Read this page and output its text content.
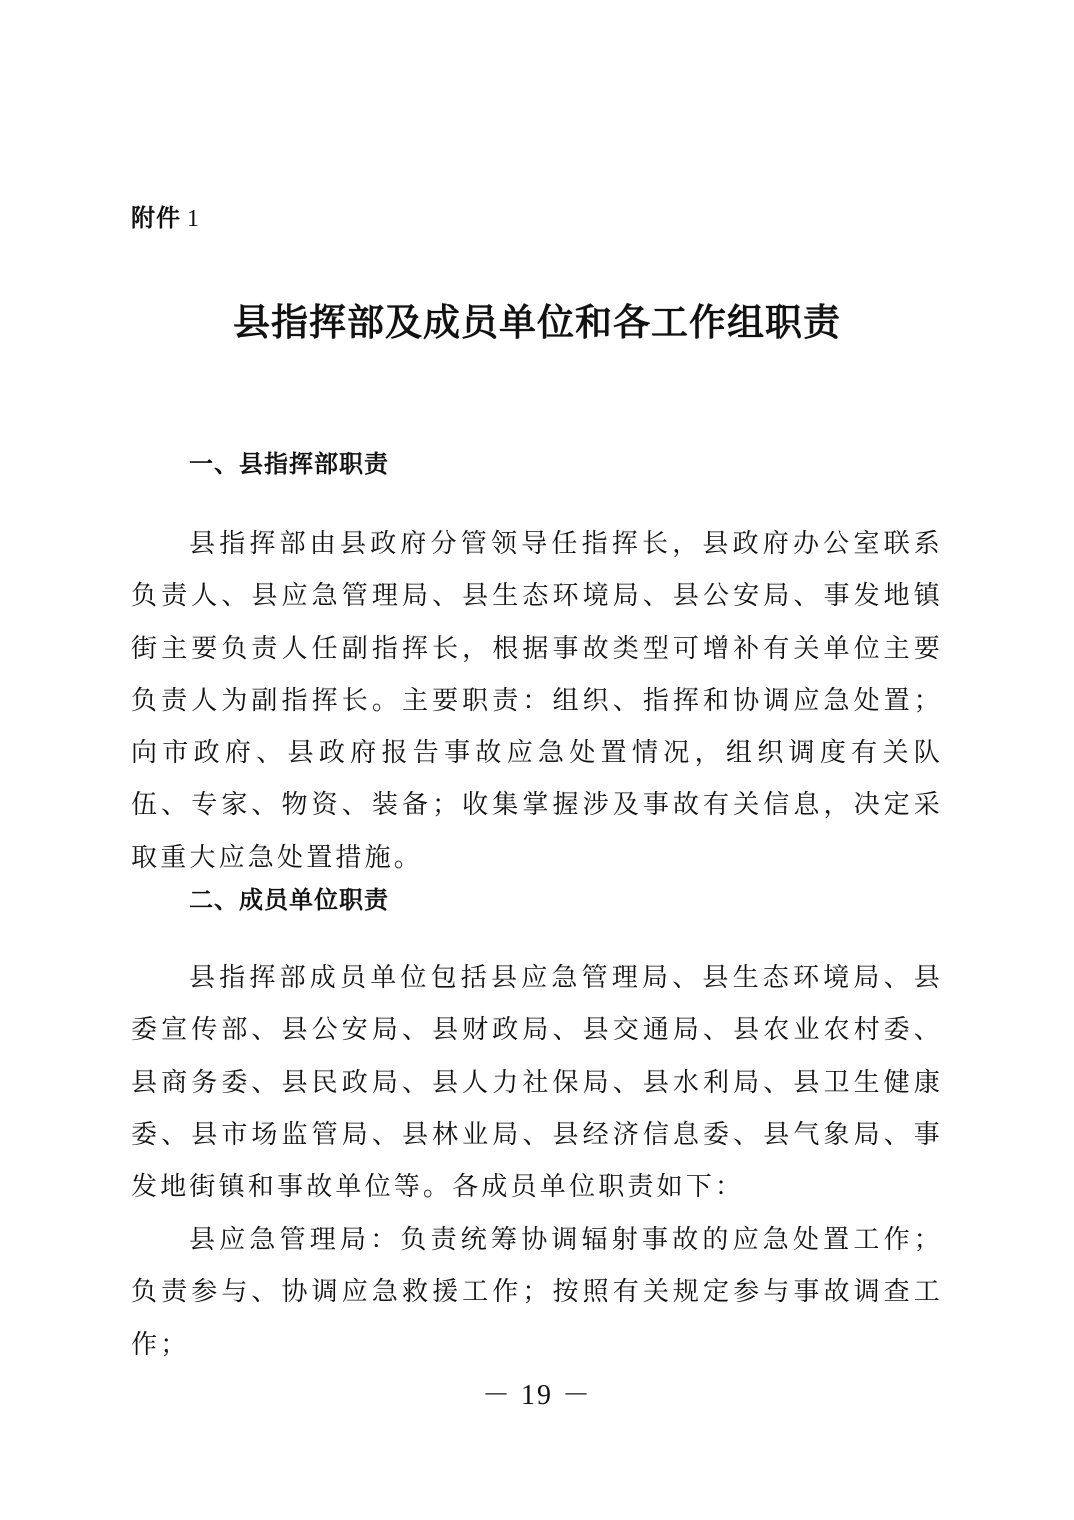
附件 1
县指挥部及成员单位和各工作组职责
一、县指挥部职责

县指挥部由县政府分管领导任指挥长，县政府办公室联系负责人、县应急管理局、县生态环境局、县公安局、事发地镇街主要负责人任副指挥长，根据事故类型可增补有关单位主要负责人为副指挥长。主要职责：组织、指挥和协调应急处置；向市政府、县政府报告事故应急处置情况，组织调度有关队伍、专家、物资、装备；收集掌握涉及事故有关信息，决定采取重大应急处置措施。

二、成员单位职责

县指挥部成员单位包括县应急管理局、县生态环境局、县委宣传部、县公安局、县财政局、县交通局、县农业农村委、县商务委、县民政局、县人力社保局、县水利局、县卫生健康委、县市场监管局、县林业局、县经济信息委、县气象局、事发地街镇和事故单位等。各成员单位职责如下：

县应急管理局：负责统筹协调辐射事故的应急处置工作；负责参与、协调应急救援工作；按照有关规定参与事故调查工作；

－ 19 －
